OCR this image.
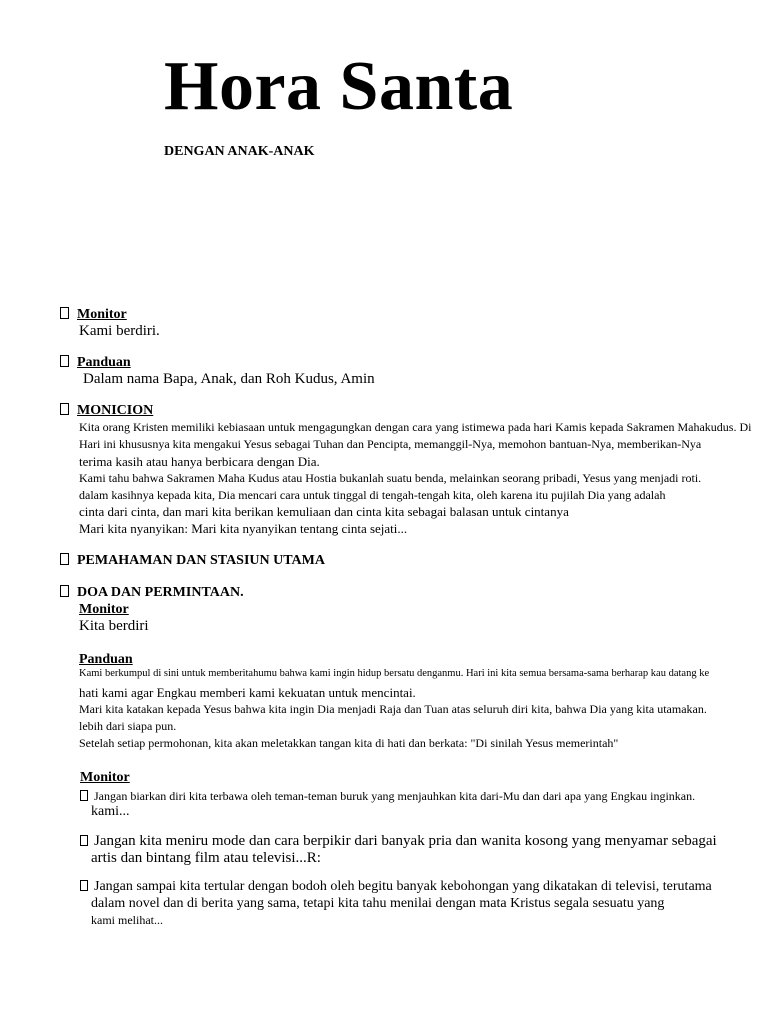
Hora Santa
DENGAN ANAK-ANAK
Monitor
Kami berdiri.
Panduan
Dalam nama Bapa, Anak, dan Roh Kudus, Amin
MONICION
Kita orang Kristen memiliki kebiasaan untuk mengagungkan dengan cara yang istimewa pada hari Kamis kepada Sakramen Mahakudus. Di
Hari ini khususnya kita mengakui Yesus sebagai Tuhan dan Pencipta, memanggil-Nya, memohon bantuan-Nya, memberikan-Nya
terima kasih atau hanya berbicara dengan Dia.
Kami tahu bahwa Sakramen Maha Kudus atau Hostia bukanlah suatu benda, melainkan seorang pribadi, Yesus yang menjadi roti.
dalam kasihnya kepada kita, Dia mencari cara untuk tinggal di tengah-tengah kita, oleh karena itu pujilah Dia yang adalah
cinta dari cinta, dan mari kita berikan kemuliaan dan cinta kita sebagai balasan untuk cintanya
Mari kita nyanyikan: Mari kita nyanyikan tentang cinta sejati...
PEMAHAMAN DAN STASIUN UTAMA
DOA DAN PERMINTAAN.
Monitor
Kita berdiri
Panduan
Kami berkumpul di sini untuk memberitahumu bahwa kami ingin hidup bersatu denganmu. Hari ini kita semua bersama-sama berharap kau datang ke
hati kami agar Engkau memberi kami kekuatan untuk mencintai.
Mari kita katakan kepada Yesus bahwa kita ingin Dia menjadi Raja dan Tuan atas seluruh diri kita, bahwa Dia yang kita utamakan.
lebih dari siapa pun.
Setelah setiap permohonan, kita akan meletakkan tangan kita di hati dan berkata: "Di sinilah Yesus memerintah"
Monitor
Jangan biarkan diri kita terbawa oleh teman-teman buruk yang menjauhkan kita dari-Mu dan dari apa yang Engkau inginkan.
kami...
Jangan kita meniru mode dan cara berpikir dari banyak pria dan wanita kosong yang menyamar sebagai
artis dan bintang film atau televisi...R:
Jangan sampai kita tertular dengan bodoh oleh begitu banyak kebohongan yang dikatakan di televisi, terutama
dalam novel dan di berita yang sama, tetapi kita tahu menilai dengan mata Kristus segala sesuatu yang
kami melihat...
